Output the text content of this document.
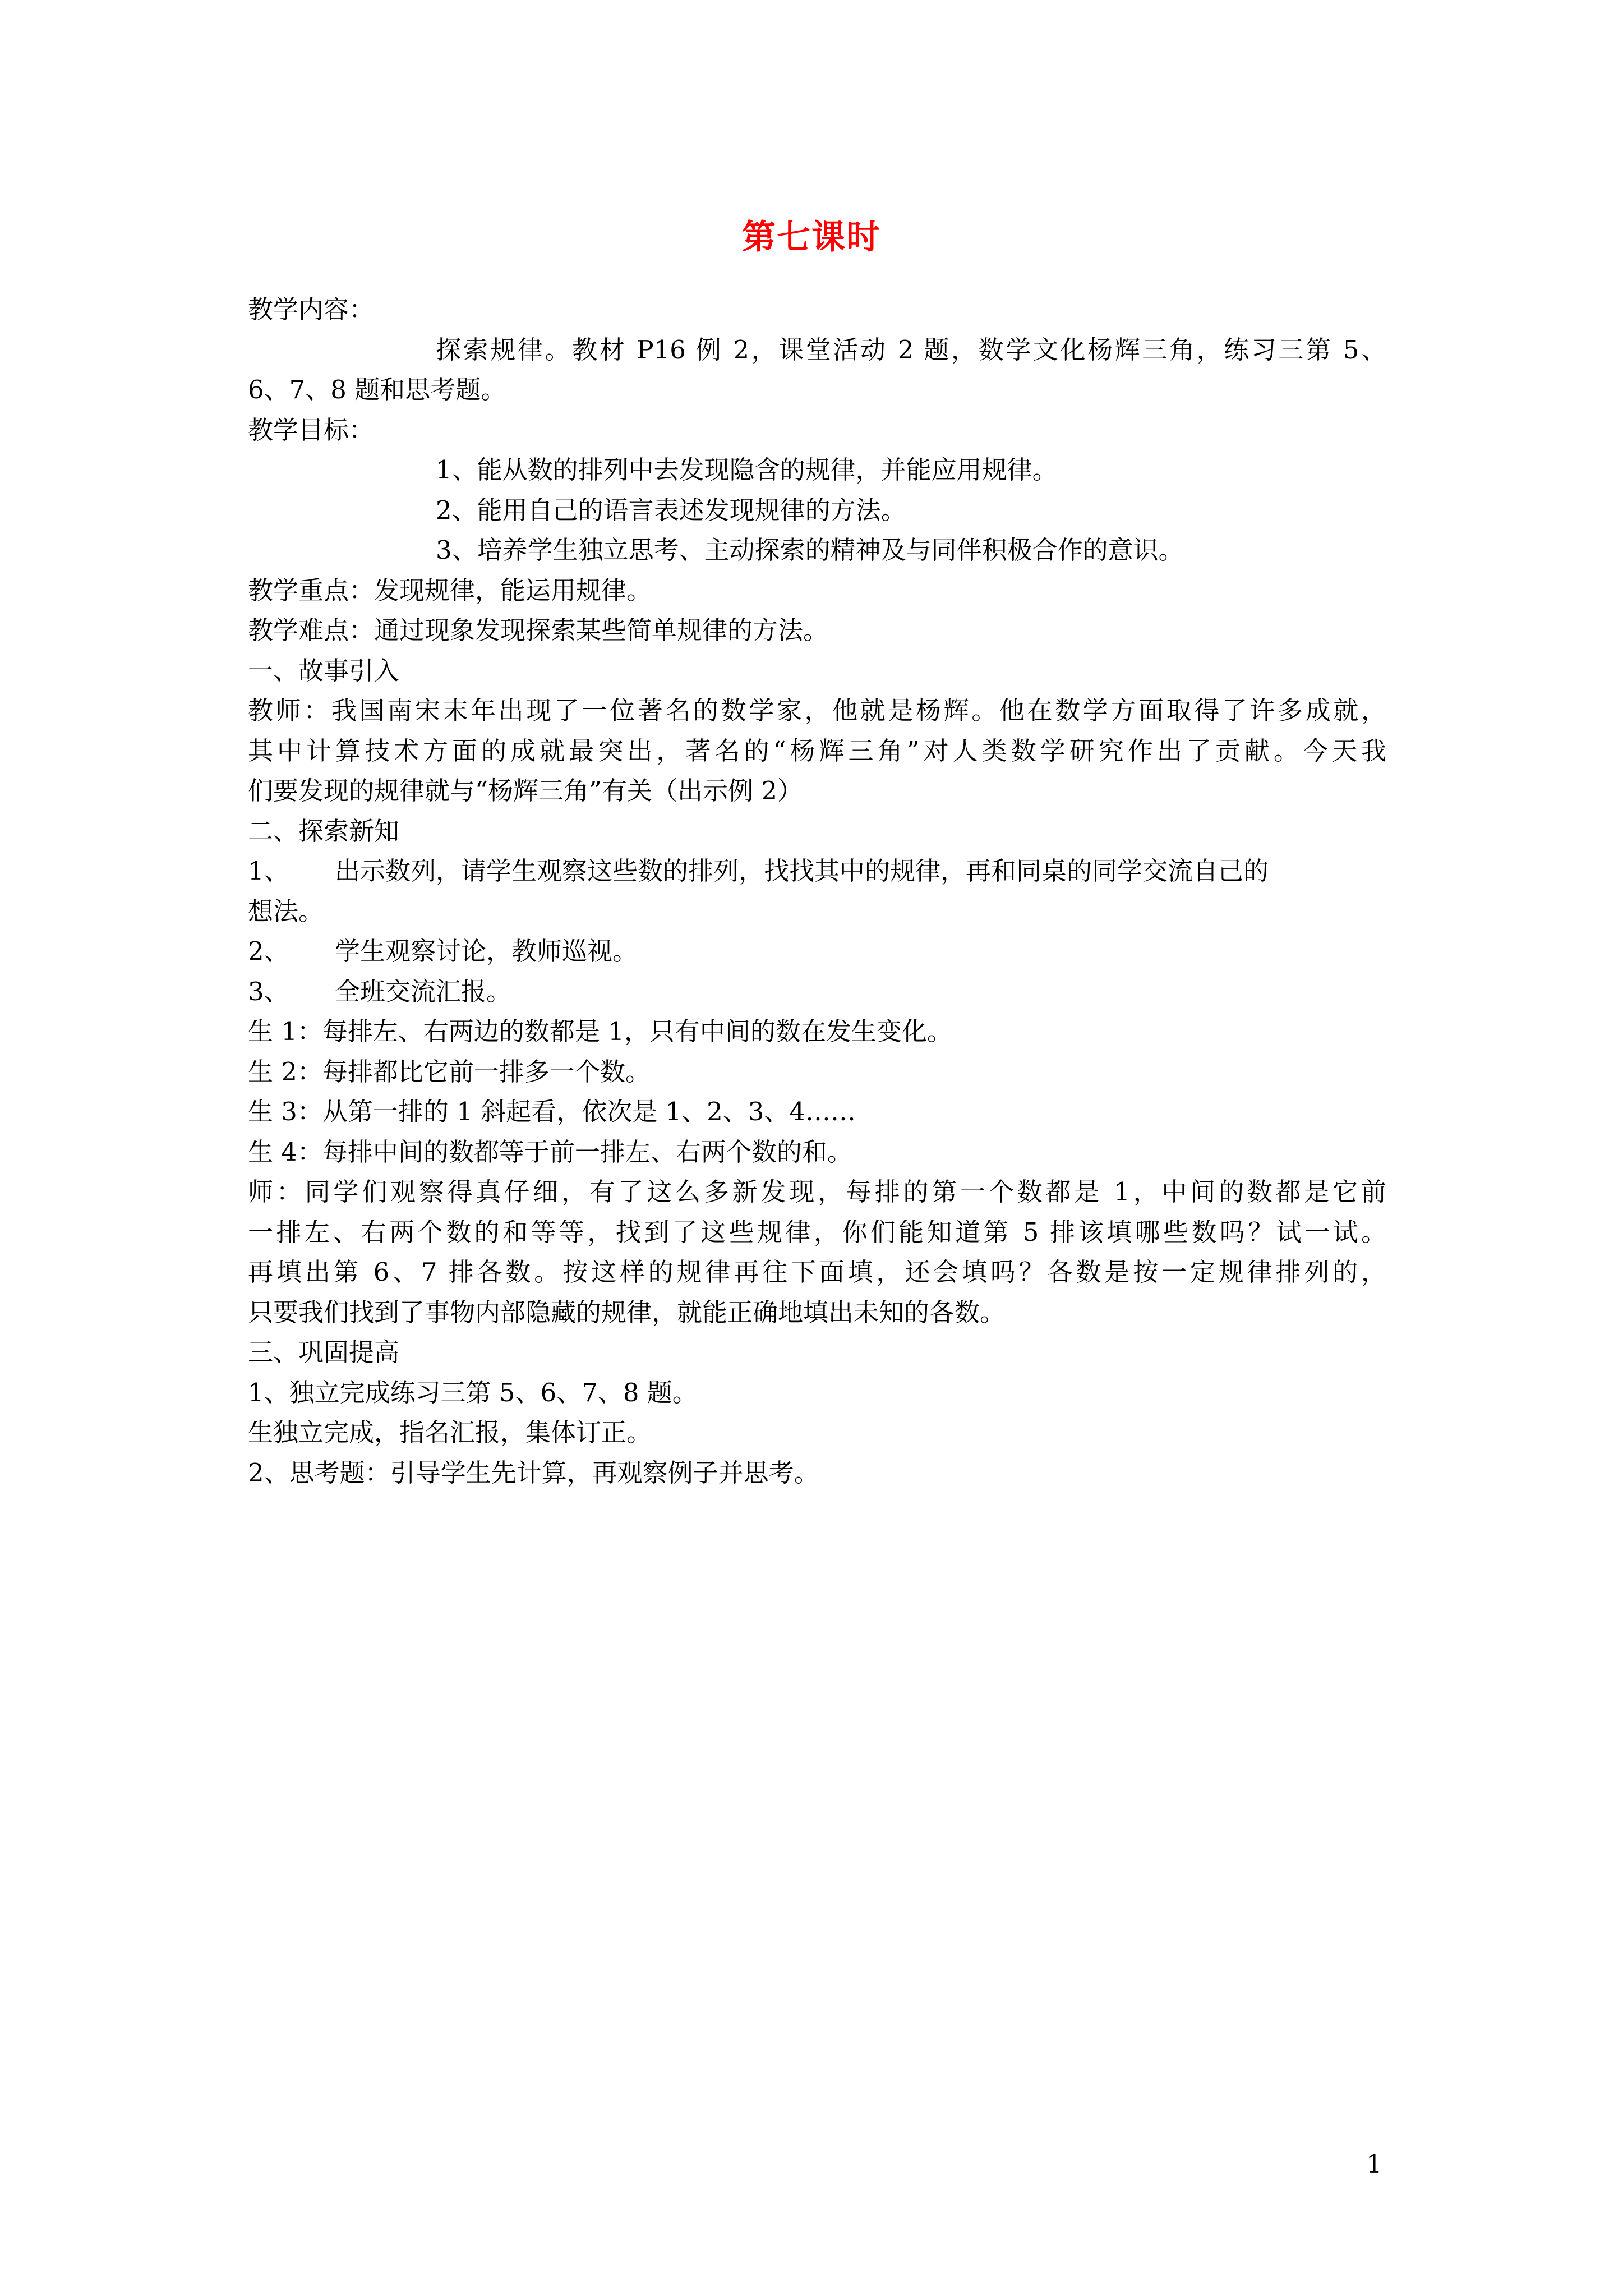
第七课时
教学内容：
探索规律。教材 P16 例 2，课堂活动 2 题，数学文化杨辉三角，练习三第 5、
6、7、8 题和思考题。
教学目标：
1、能从数的排列中去发现隐含的规律，并能应用规律。
2、能用自己的语言表述发现规律的方法。
3、培养学生独立思考、主动探索的精神及与同伴积极合作的意识。
教学重点：发现规律，能运用规律。
教学难点：通过现象发现探索某些简单规律的方法。
一、故事引入
教师：我国南宋末年出现了一位著名的数学家，他就是杨辉。他在数学方面取得了许多成就，
其中计算技术方面的成就最突出，著名的“杨辉三角”对人类数学研究作出了贡献。今天我
们要发现的规律就与“杨辉三角”有关（出示例 2）
二、探索新知
1、 出示数列，请学生观察这些数的排列，找找其中的规律，再和同桌的同学交流自己的
想法。
2、 学生观察讨论，教师巡视。
3、 全班交流汇报。
生 1：每排左、右两边的数都是 1，只有中间的数在发生变化。
生 2：每排都比它前一排多一个数。
生 3：从第一排的 1 斜起看，依次是 1、2、3、4……
生 4：每排中间的数都等于前一排左、右两个数的和。
师：同学们观察得真仔细，有了这么多新发现，每排的第一个数都是 1，中间的数都是它前
一排左、右两个数的和等等，找到了这些规律，你们能知道第 5 排该填哪些数吗？试一试。
再填出第 6、7 排各数。按这样的规律再往下面填，还会填吗？各数是按一定规律排列的，
只要我们找到了事物内部隐藏的规律，就能正确地填出未知的各数。
三、巩固提高
1、独立完成练习三第 5、6、7、8 题。
生独立完成，指名汇报，集体订正。
2、思考题：引导学生先计算，再观察例子并思考。
1
